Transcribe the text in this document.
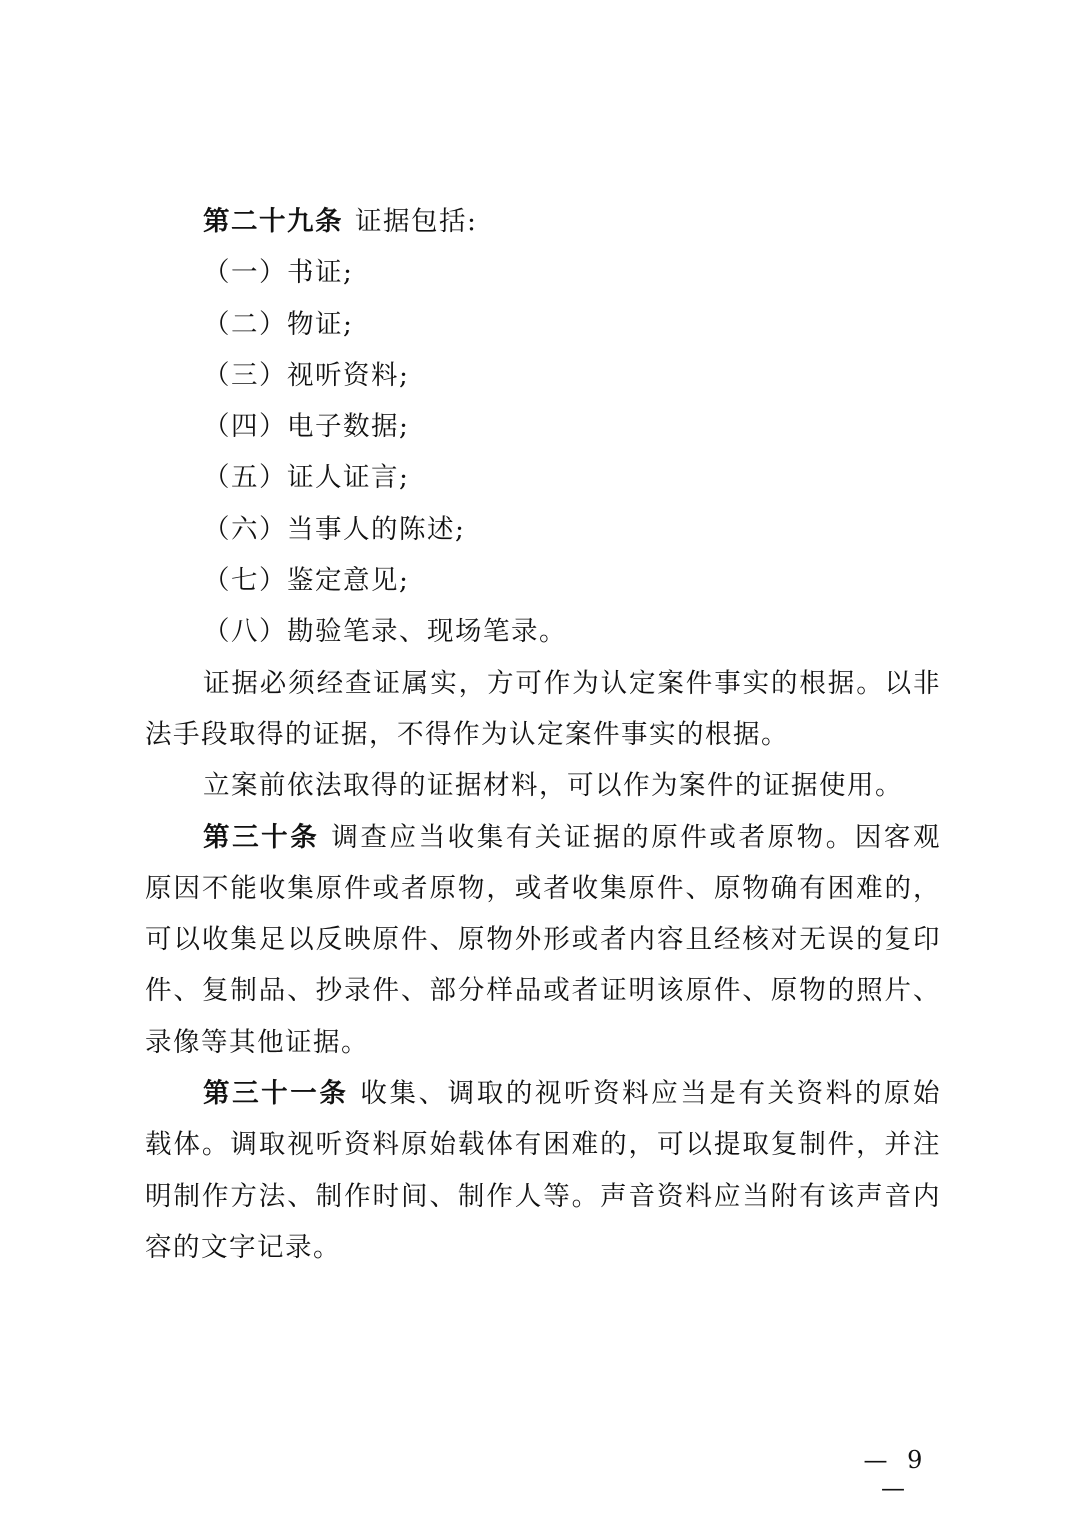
第二十九条 证据包括:

（一）书证;

（二）物证;

（三）视听资料;

（四）电子数据;

（五）证人证言;

（六）当事人的陈述;

（七）鉴定意见;

（八）勘验笔录、现场笔录。

证据必须经查证属实，方可作为认定案件事实的根据。以非法手段取得的证据，不得作为认定案件事实的根据。

立案前依法取得的证据材料，可以作为案件的证据使用。

第三十条 调查应当收集有关证据的原件或者原物。因客观原因不能收集原件或者原物，或者收集原件、原物确有困难的，可以收集足以反映原件、原物外形或者内容且经核对无误的复印件、复制品、抄录件、部分样品或者证明该原件、原物的照片、录像等其他证据。

第三十一条 收集、调取的视听资料应当是有关资料的原始载体。调取视听资料原始载体有困难的，可以提取复制件，并注明制作方法、制作时间、制作人等。声音资料应当附有该声音内容的文字记录。

— 9 —
